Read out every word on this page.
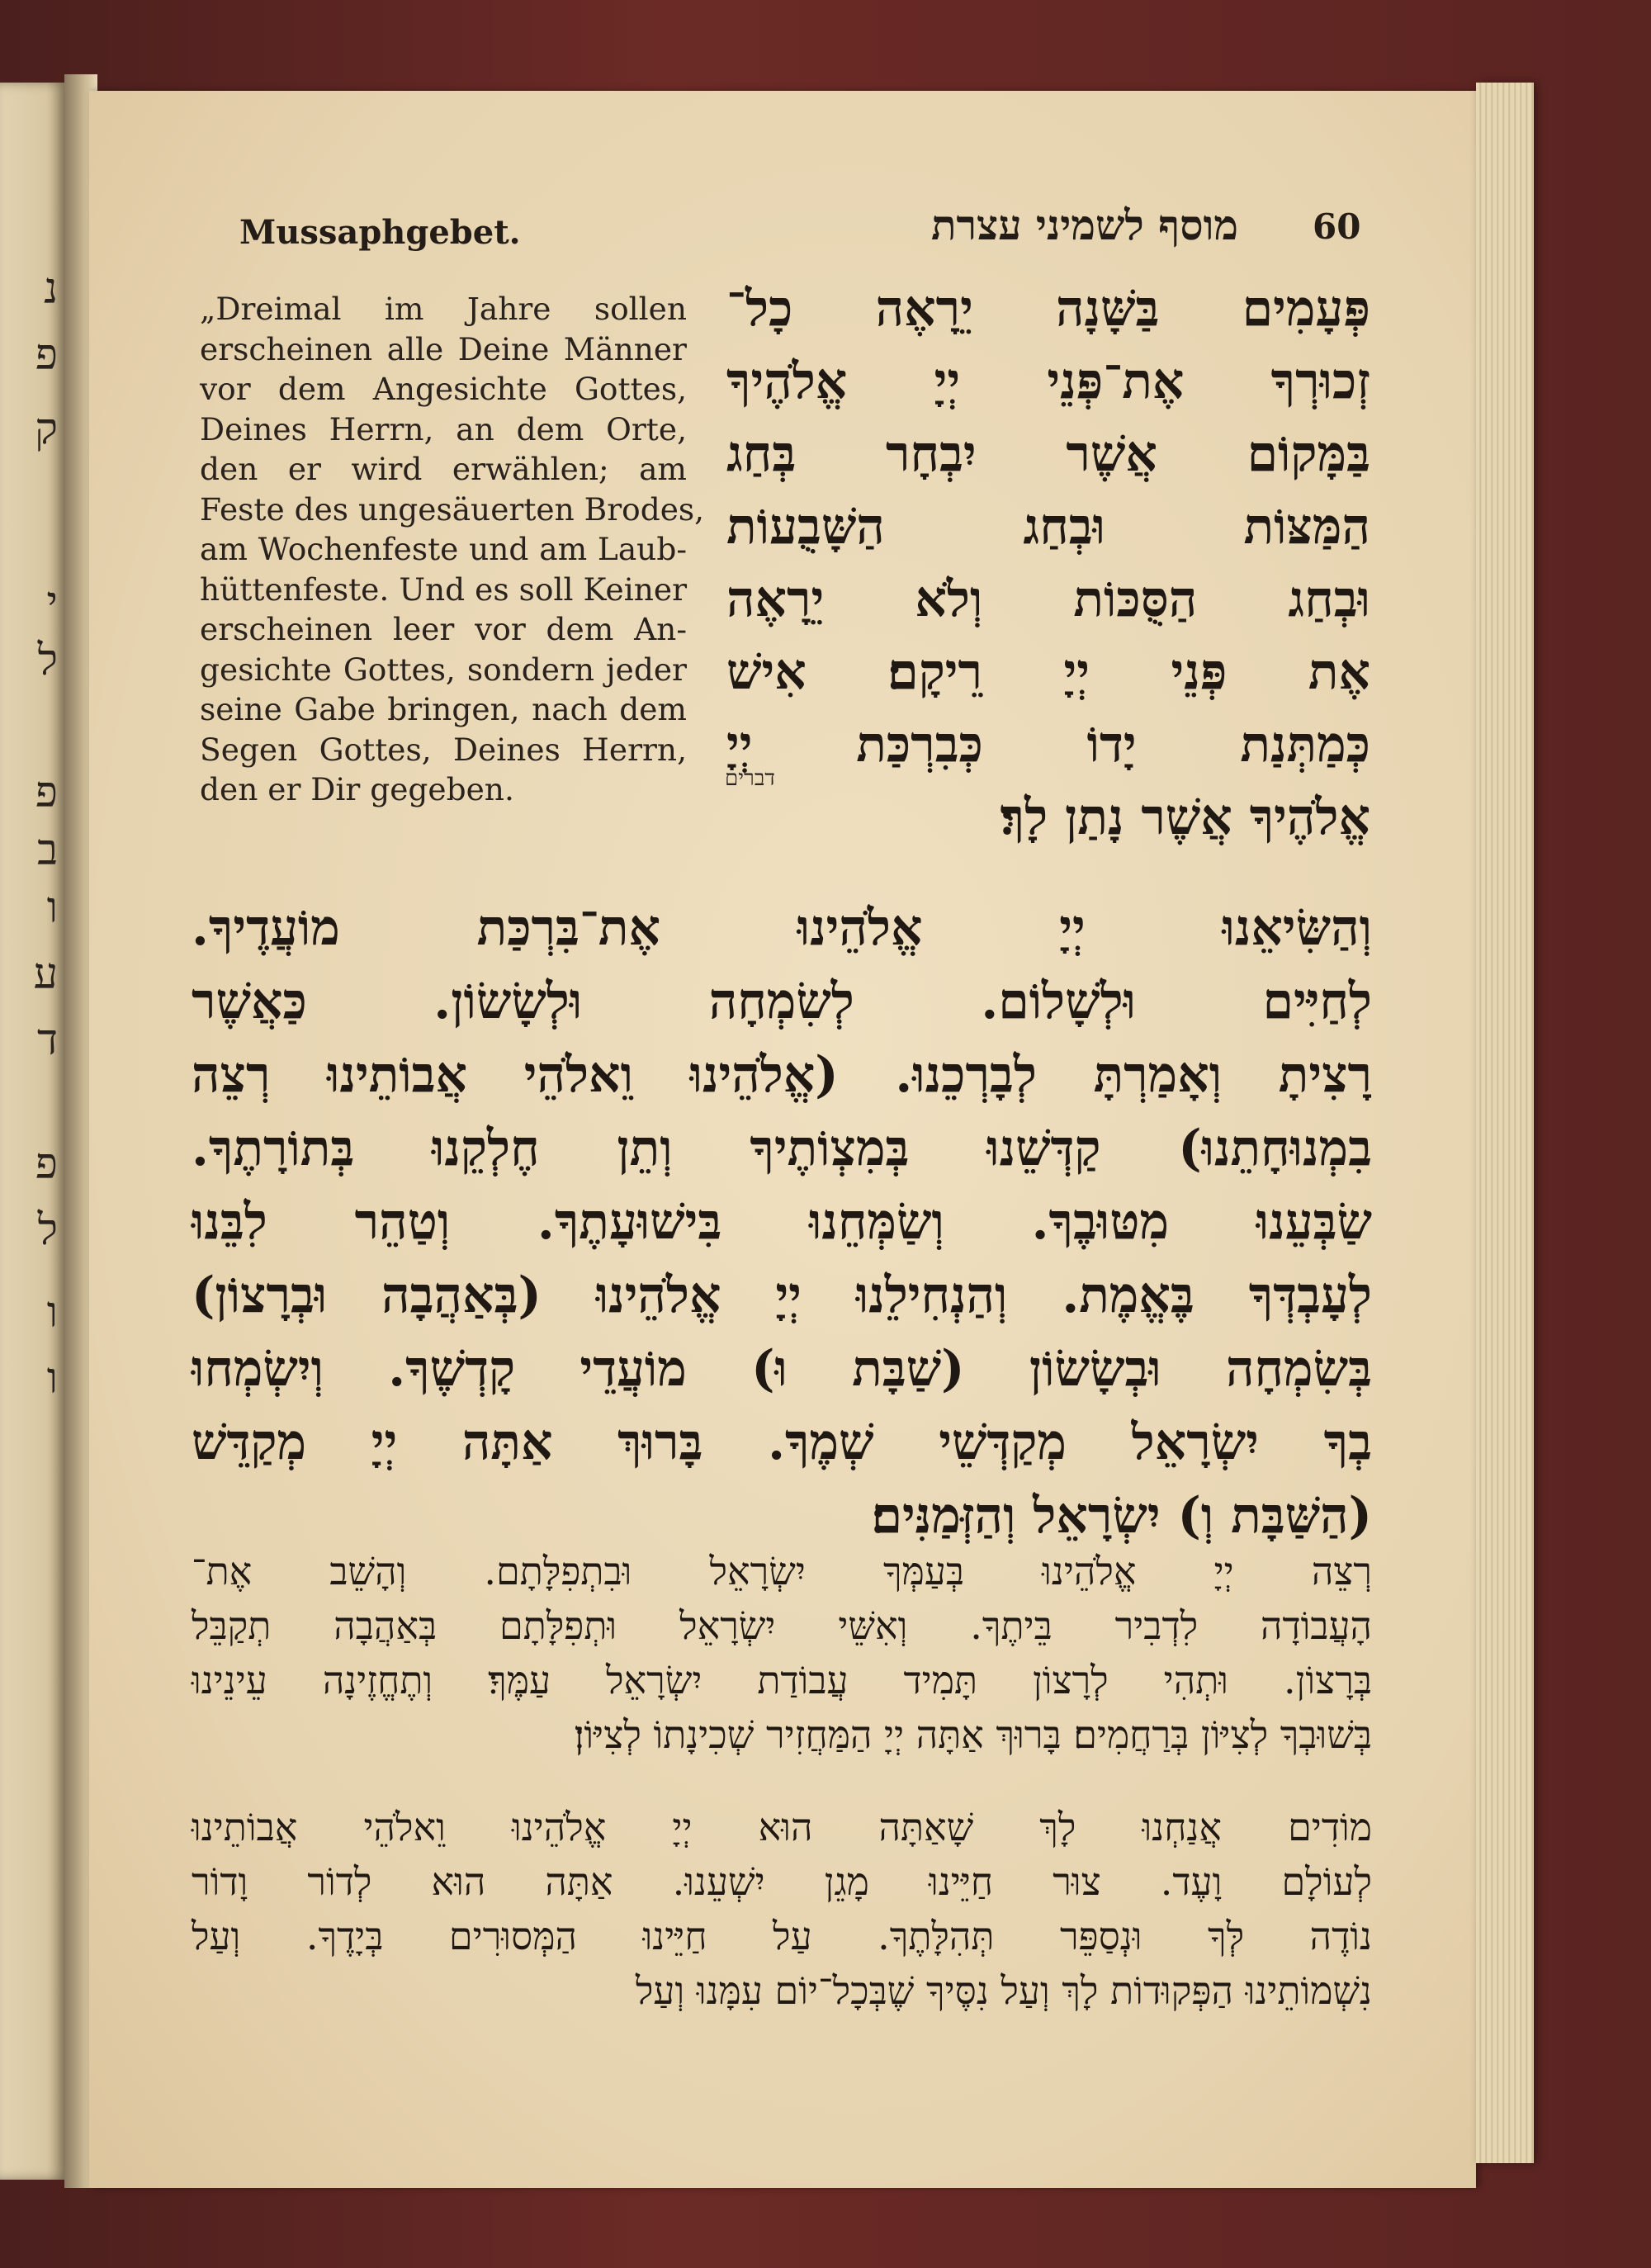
נ
פ
ק
י
ל
פ
ב
ו
ע
ד
פ
ל
ו
ו
Mussaphgebet.	מוסף לשמיני עצרת 60
„Dreimal im Jahre sollen
erscheinen alle Deine Männer
vor dem Angesichte Gottes,
Deines Herrn, an dem Orte,
den er wird erwählen; am
Feste des ungesäuerten Brodes,
am Wochenfeste und am Laub-
hüttenfeste. Und es soll Keiner
erscheinen leer vor dem An-
gesichte Gottes, sondern jeder
seine Gabe bringen, nach dem
Segen Gottes, Deines Herrn,
den er Dir gegeben.
פְּעָמִים בַּשָּׁנָה יֵרָאֶה כָל־
זְכוּרְךָ אֶת־פְּנֵי יְיָ אֱלֹהֶיךָ
בַּמָּקוֹם אֲשֶׁר יִבְחָר בְּחַג
הַמַּצּוֹת וּבְחַג הַשָּׁבֻעוֹת
וּבְחַג הַסֻּכּוֹת וְלֹא יֵרָאֶה
אֶת פְּנֵי יְיָ רֵיקָם׃ אִישׁ
כְּמַתְּנַת יָדוֹ כְּבִרְכַּת יְיָ
אֱלֹהֶיךָ אֲשֶׁר נָתַן לָךְ׃
דברים
וְהַשִּׂיאֵנוּ יְיָ אֱלֹהֵינוּ אֶת־בִּרְכַּת מוֹעֲדֶיךָ.
לְחַיִּים וּלְשָׁלוֹם. לְשִׂמְחָה וּלְשָׂשׂוֹן. כַּאֲשֶׁר
רָצִיתָ וְאָמַרְתָּ לְבָרְכֵנוּ. (אֱלֹהֵינוּ וֵאלֹהֵי אֲבוֹתֵינוּ רְצֵה
בִמְנוּחָתֵנוּ) קַדְּשֵׁנוּ בְּמִצְוֹתֶיךָ וְתֵן חֶלְקֵנוּ בְּתוֹרָתֶךָ.
שַׂבְּעֵנוּ מִטּוּבֶךָ. וְשַׂמְּחֵנוּ בִּישׁוּעָתֶךָ. וְטַהֵר לִבֵּנוּ
לְעָבְדְּךָ בֶּאֱמֶת. וְהַנְחִילֵנוּ יְיָ אֱלֹהֵינוּ (בְּאַהֲבָה וּבְרָצוֹן)
בְּשִׂמְחָה וּבְשָׂשׂוֹן (שַׁבָּת וּ) מוֹעֲדֵי קָדְשֶׁךָ. וְיִשְׂמְחוּ
בְךָ יִשְׂרָאֵל מְקַדְּשֵׁי שְׁמֶךָ. בָּרוּךְ אַתָּה יְיָ מְקַדֵּשׁ
(הַשַּׁבָּת וְ) יִשְׂרָאֵל וְהַזְּמַנִּים׃
רְצֵה יְיָ אֱלֹהֵינוּ בְּעַמְּךָ יִשְׂרָאֵל וּבִתְפִלָּתָם. וְהָשֵׁב אֶת־
הָעֲבוֹדָה לִדְבִיר בֵּיתֶךָ. וְאִשֵּׁי יִשְׂרָאֵל וּתְפִלָּתָם בְּאַהֲבָה תְקַבֵּל
בְּרָצוֹן. וּתְהִי לְרָצוֹן תָּמִיד עֲבוֹדַת יִשְׂרָאֵל עַמֶּךָ׃ וְתֶחֱזֶינָה עֵינֵינוּ
בְּשׁוּבְךָ לְצִיּוֹן בְּרַחֲמִים׃ בָּרוּךְ אַתָּה יְיָ הַמַּחֲזִיר שְׁכִינָתוֹ לְצִיּוֹן׃
מוֹדִים אֲנַחְנוּ לָךְ שָׁאַתָּה הוּא יְיָ אֱלֹהֵינוּ וֵאלֹהֵי אֲבוֹתֵינוּ
לְעוֹלָם וָעֶד. צוּר חַיֵּינוּ מָגֵן יִשְׁעֵנוּ. אַתָּה הוּא לְדוֹר וָדוֹר
נוֹדֶה לְּךָ וּנְסַפֵּר תְּהִלָּתֶךָ. עַל חַיֵּינוּ הַמְּסוּרִים בְּיָדֶךָ. וְעַל
נִשְׁמוֹתֵינוּ הַפְּקוּדוֹת לָךְ וְעַל נִסֶּיךָ שֶׁבְּכָל־יוֹם עִמָּנוּ וְעַל
